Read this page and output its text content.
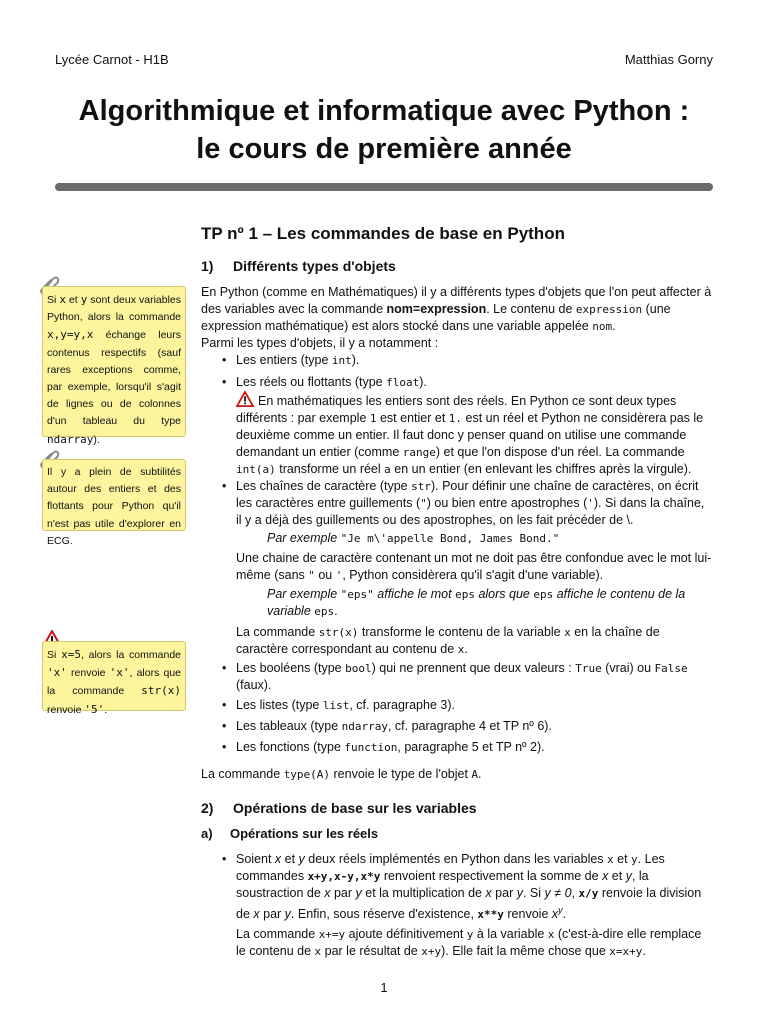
Lycée Carnot - H1B	Matthias Gorny
Algorithmique et informatique avec Python :
le cours de première année
TP nº 1 – Les commandes de base en Python
1) Différents types d'objets
En Python (comme en Mathématiques) il y a différents types d'objets que l'on peut affecter à des variables avec la commande nom=expression. Le contenu de expression (une expression mathématique) est alors stocké dans une variable appelée nom.
Parmi les types d'objets, il y a notamment :
• Les entiers (type int).
• Les réels ou flottants (type float).
En mathématiques les entiers sont des réels. En Python ce sont deux types différents : par exemple 1 est entier et 1. est un réel et Python ne considèrera pas le deuxième comme un entier. Il faut donc y penser quand on utilise une commande demandant un entier (comme range) et que l'on dispose d'un réel. La commande int(a) transforme un réel a en un entier (en enlevant les chiffres après la virgule).
• Les chaînes de caractère (type str). Pour définir une chaîne de caractères, on écrit les caractères entre guillements (") ou bien entre apostrophes ('). Si dans la chaîne, il y a déjà des guillements ou des apostrophes, on les fait précéder de \.
Par exemple "Je m\'appelle Bond, James Bond."
Une chaine de caractère contenant un mot ne doit pas être confondue avec le mot lui-même (sans " ou ', Python considèrera qu'il s'agit d'une variable).
Par exemple "eps" affiche le mot eps alors que eps affiche le contenu de la variable eps.
La commande str(x) transforme le contenu de la variable x en la chaîne de caractère correspondant au contenu de x.
• Les booléens (type bool) qui ne prennent que deux valeurs : True (vrai) ou False (faux).
• Les listes (type list, cf. paragraphe 3).
• Les tableaux (type ndarray, cf. paragraphe 4 et TP nº 6).
• Les fonctions (type function, paragraphe 5 et TP nº 2).
La commande type(A) renvoie le type de l'objet A.
2) Opérations de base sur les variables
a) Opérations sur les réels
• Soient x et y deux réels implémentés en Python dans les variables x et y. Les commandes x+y,x-y,x*y renvoient respectivement la somme de x et y, la soustraction de x par y et la multiplication de x par y. Si y ≠ 0, x/y renvoie la division de x par y. Enfin, sous réserve d'existence, x**y renvoie $x^y$.
La commande x+=y ajoute définitivement y à la variable x (c'est-à-dire elle remplace le contenu de x par le résultat de x+y). Elle fait la même chose que x=x+y.
Si x et y sont deux variables Python, alors la commande x,y=y,x échange leurs contenus respectifs (sauf rares exceptions comme, par exemple, lorsqu'il s'agit de lignes ou de colonnes d'un tableau du type ndarray).
Il y a plein de subtilités autour des entiers et des flottants pour Python qu'il n'est pas utile d'explorer en ECG.
Si x=5, alors la commande 'x' renvoie 'x', alors que la commande str(x) renvoie '5'.
1
